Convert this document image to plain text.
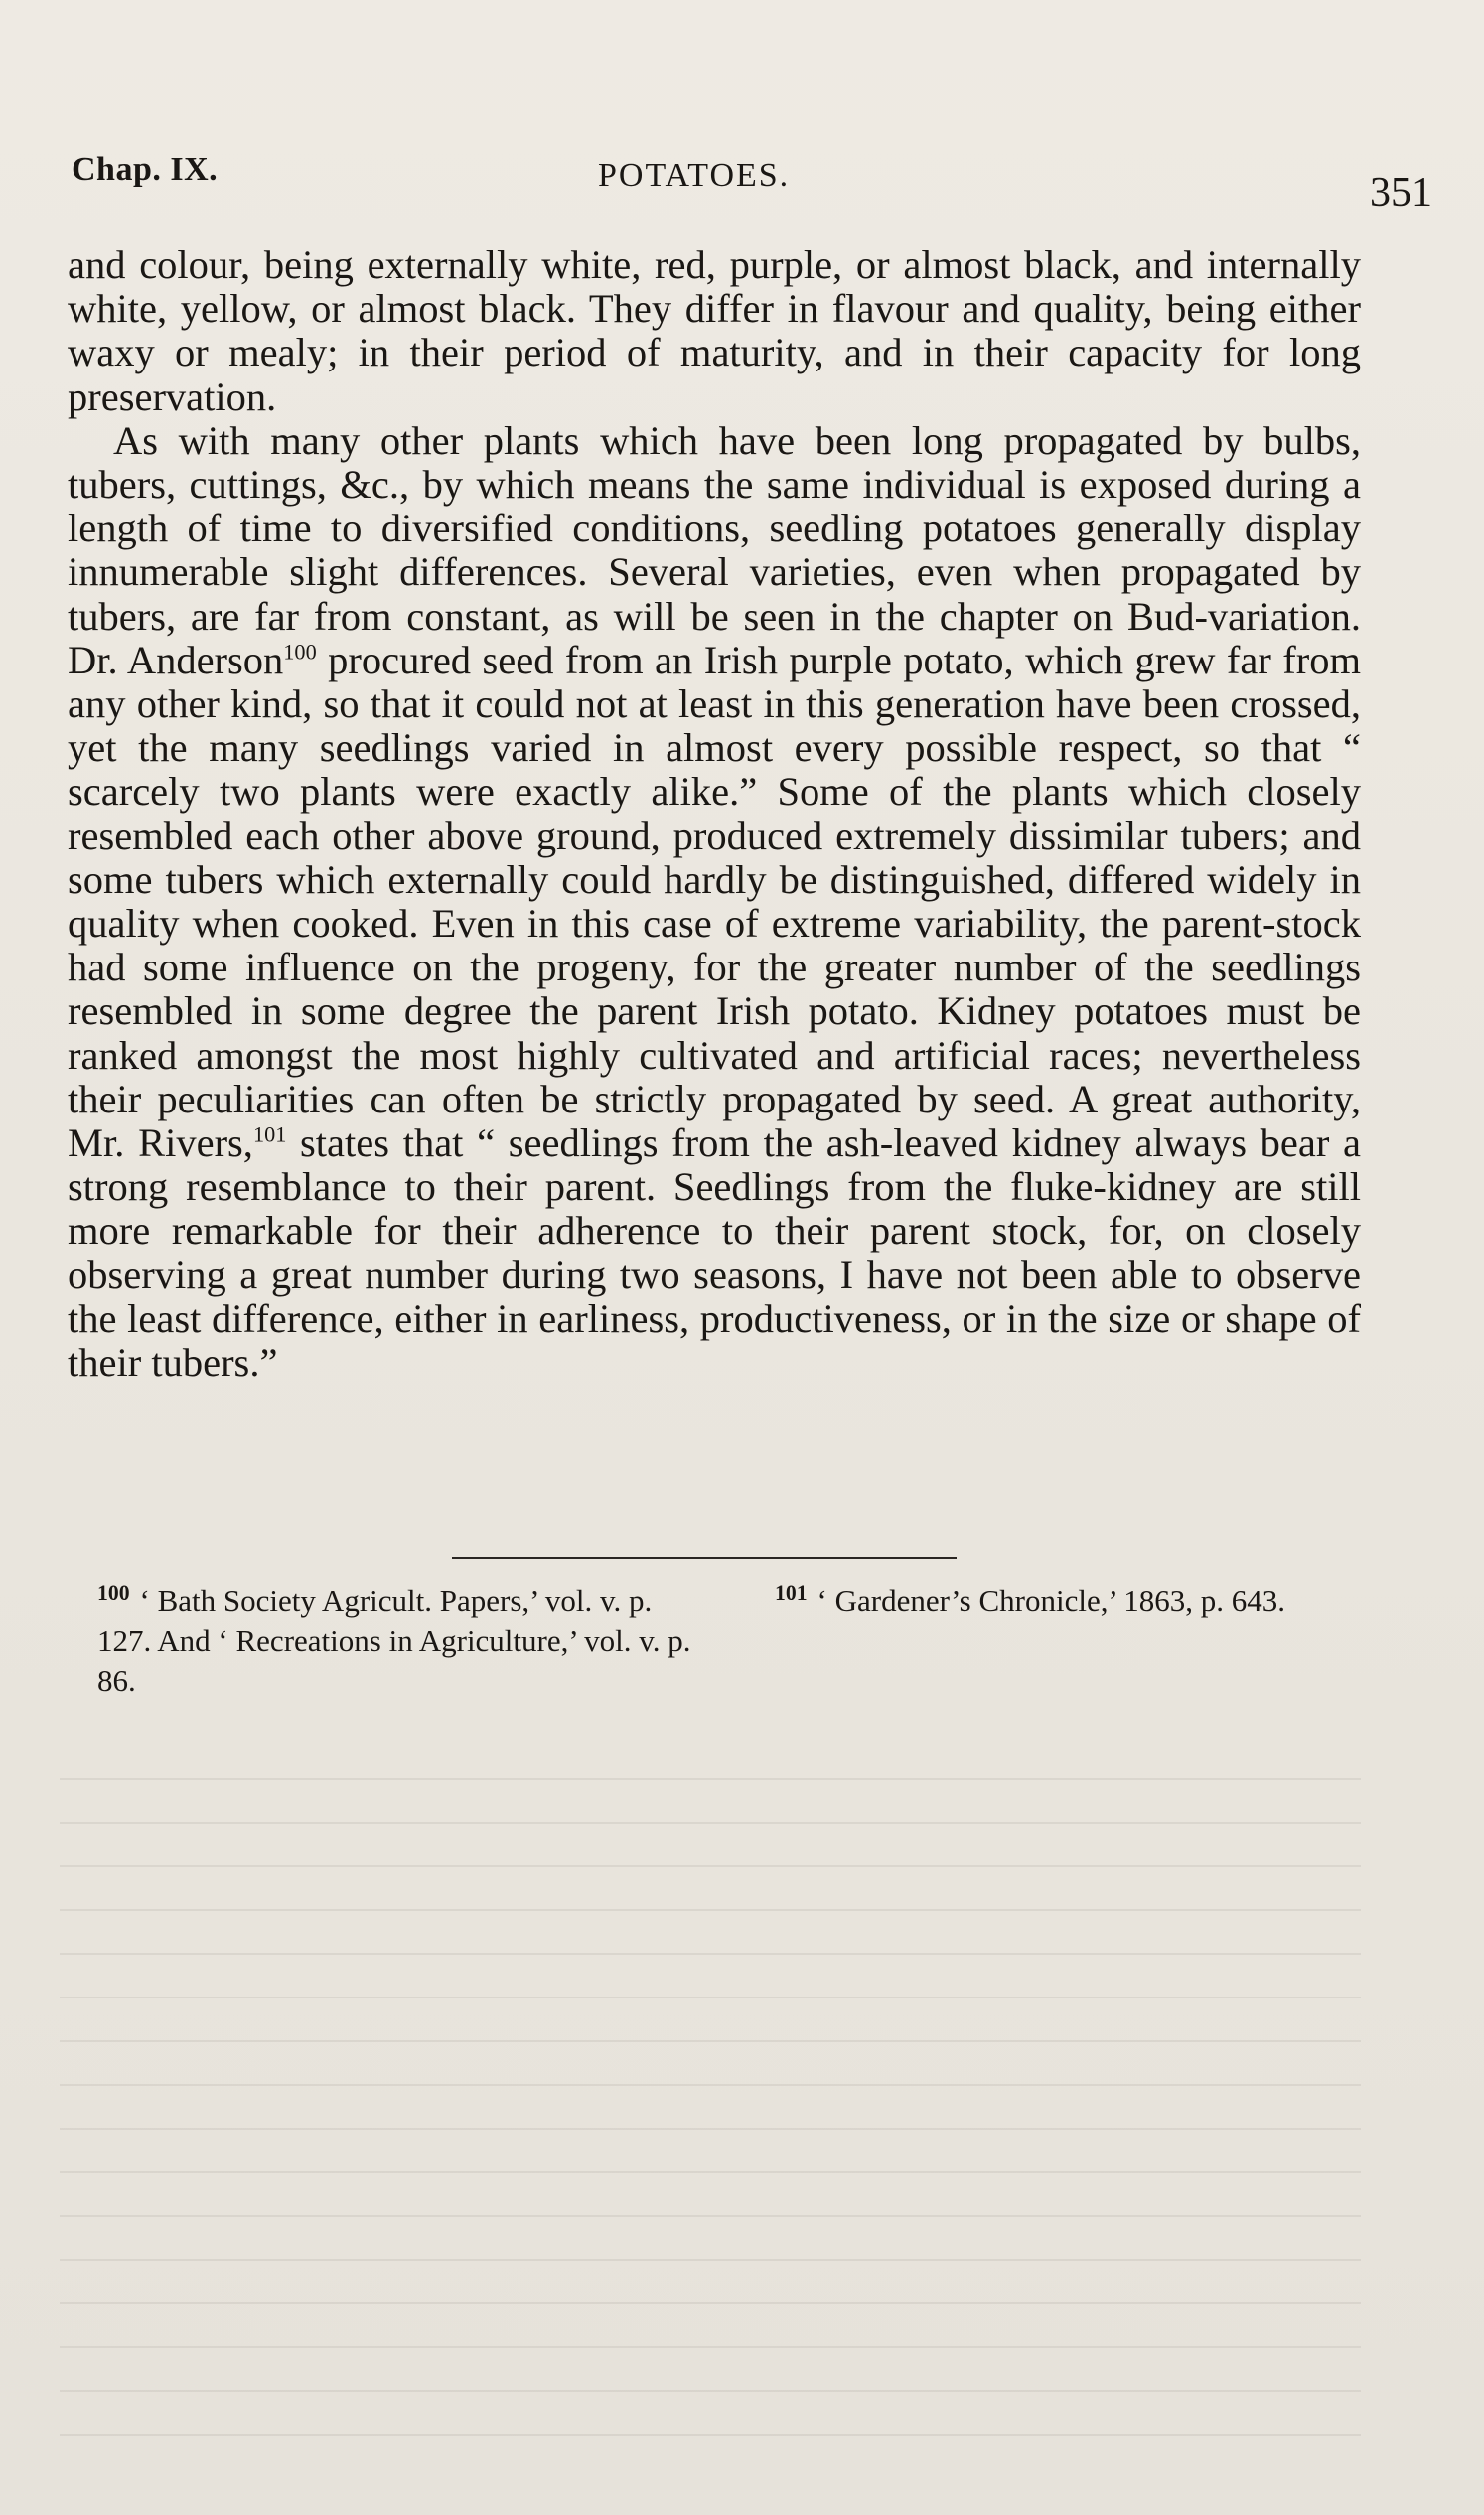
Chap. IX.	POTATOES.	351

and colour, being externally white, red, purple, or almost black, and internally white, yellow, or almost black. They differ in flavour and quality, being either waxy or mealy; in their period of maturity, and in their capacity for long preservation.

As with many other plants which have been long propagated by bulbs, tubers, cuttings, &c., by which means the same individual is exposed during a length of time to diversified conditions, seedling potatoes generally display innumerable slight differences. Several varieties, even when propagated by tubers, are far from constant, as will be seen in the chapter on Bud-variation. Dr. Anderson$^{100}$ procured seed from an Irish purple potato, which grew far from any other kind, so that it could not at least in this generation have been crossed, yet the many seedlings varied in almost every possible respect, so that “ scarcely two plants were exactly alike.” Some of the plants which closely resembled each other above ground, produced extremely dissimilar tubers; and some tubers which externally could hardly be distinguished, differed widely in quality when cooked. Even in this case of extreme variability, the parent-stock had some influence on the progeny, for the greater number of the seedlings resembled in some degree the parent Irish potato. Kidney potatoes must be ranked amongst the most highly cultivated and artificial races; nevertheless their peculiarities can often be strictly propagated by seed. A great authority, Mr. Rivers,$^{101}$ states that “ seedlings from the ash-leaved kidney always bear a strong resemblance to their parent. Seedlings from the fluke-kidney are still more remarkable for their adherence to their parent stock, for, on closely observing a great number during two seasons, I have not been able to observe the least difference, either in earliness, productiveness, or in the size or shape of their tubers.”

$^{100}$ ‘ Bath Society Agricult. Papers,’ vol. v. p. 127. And ‘ Recreations in Agriculture,’ vol. v. p. 86.
$^{101}$ ‘ Gardener’s Chronicle,’ 1863, p. 643.
